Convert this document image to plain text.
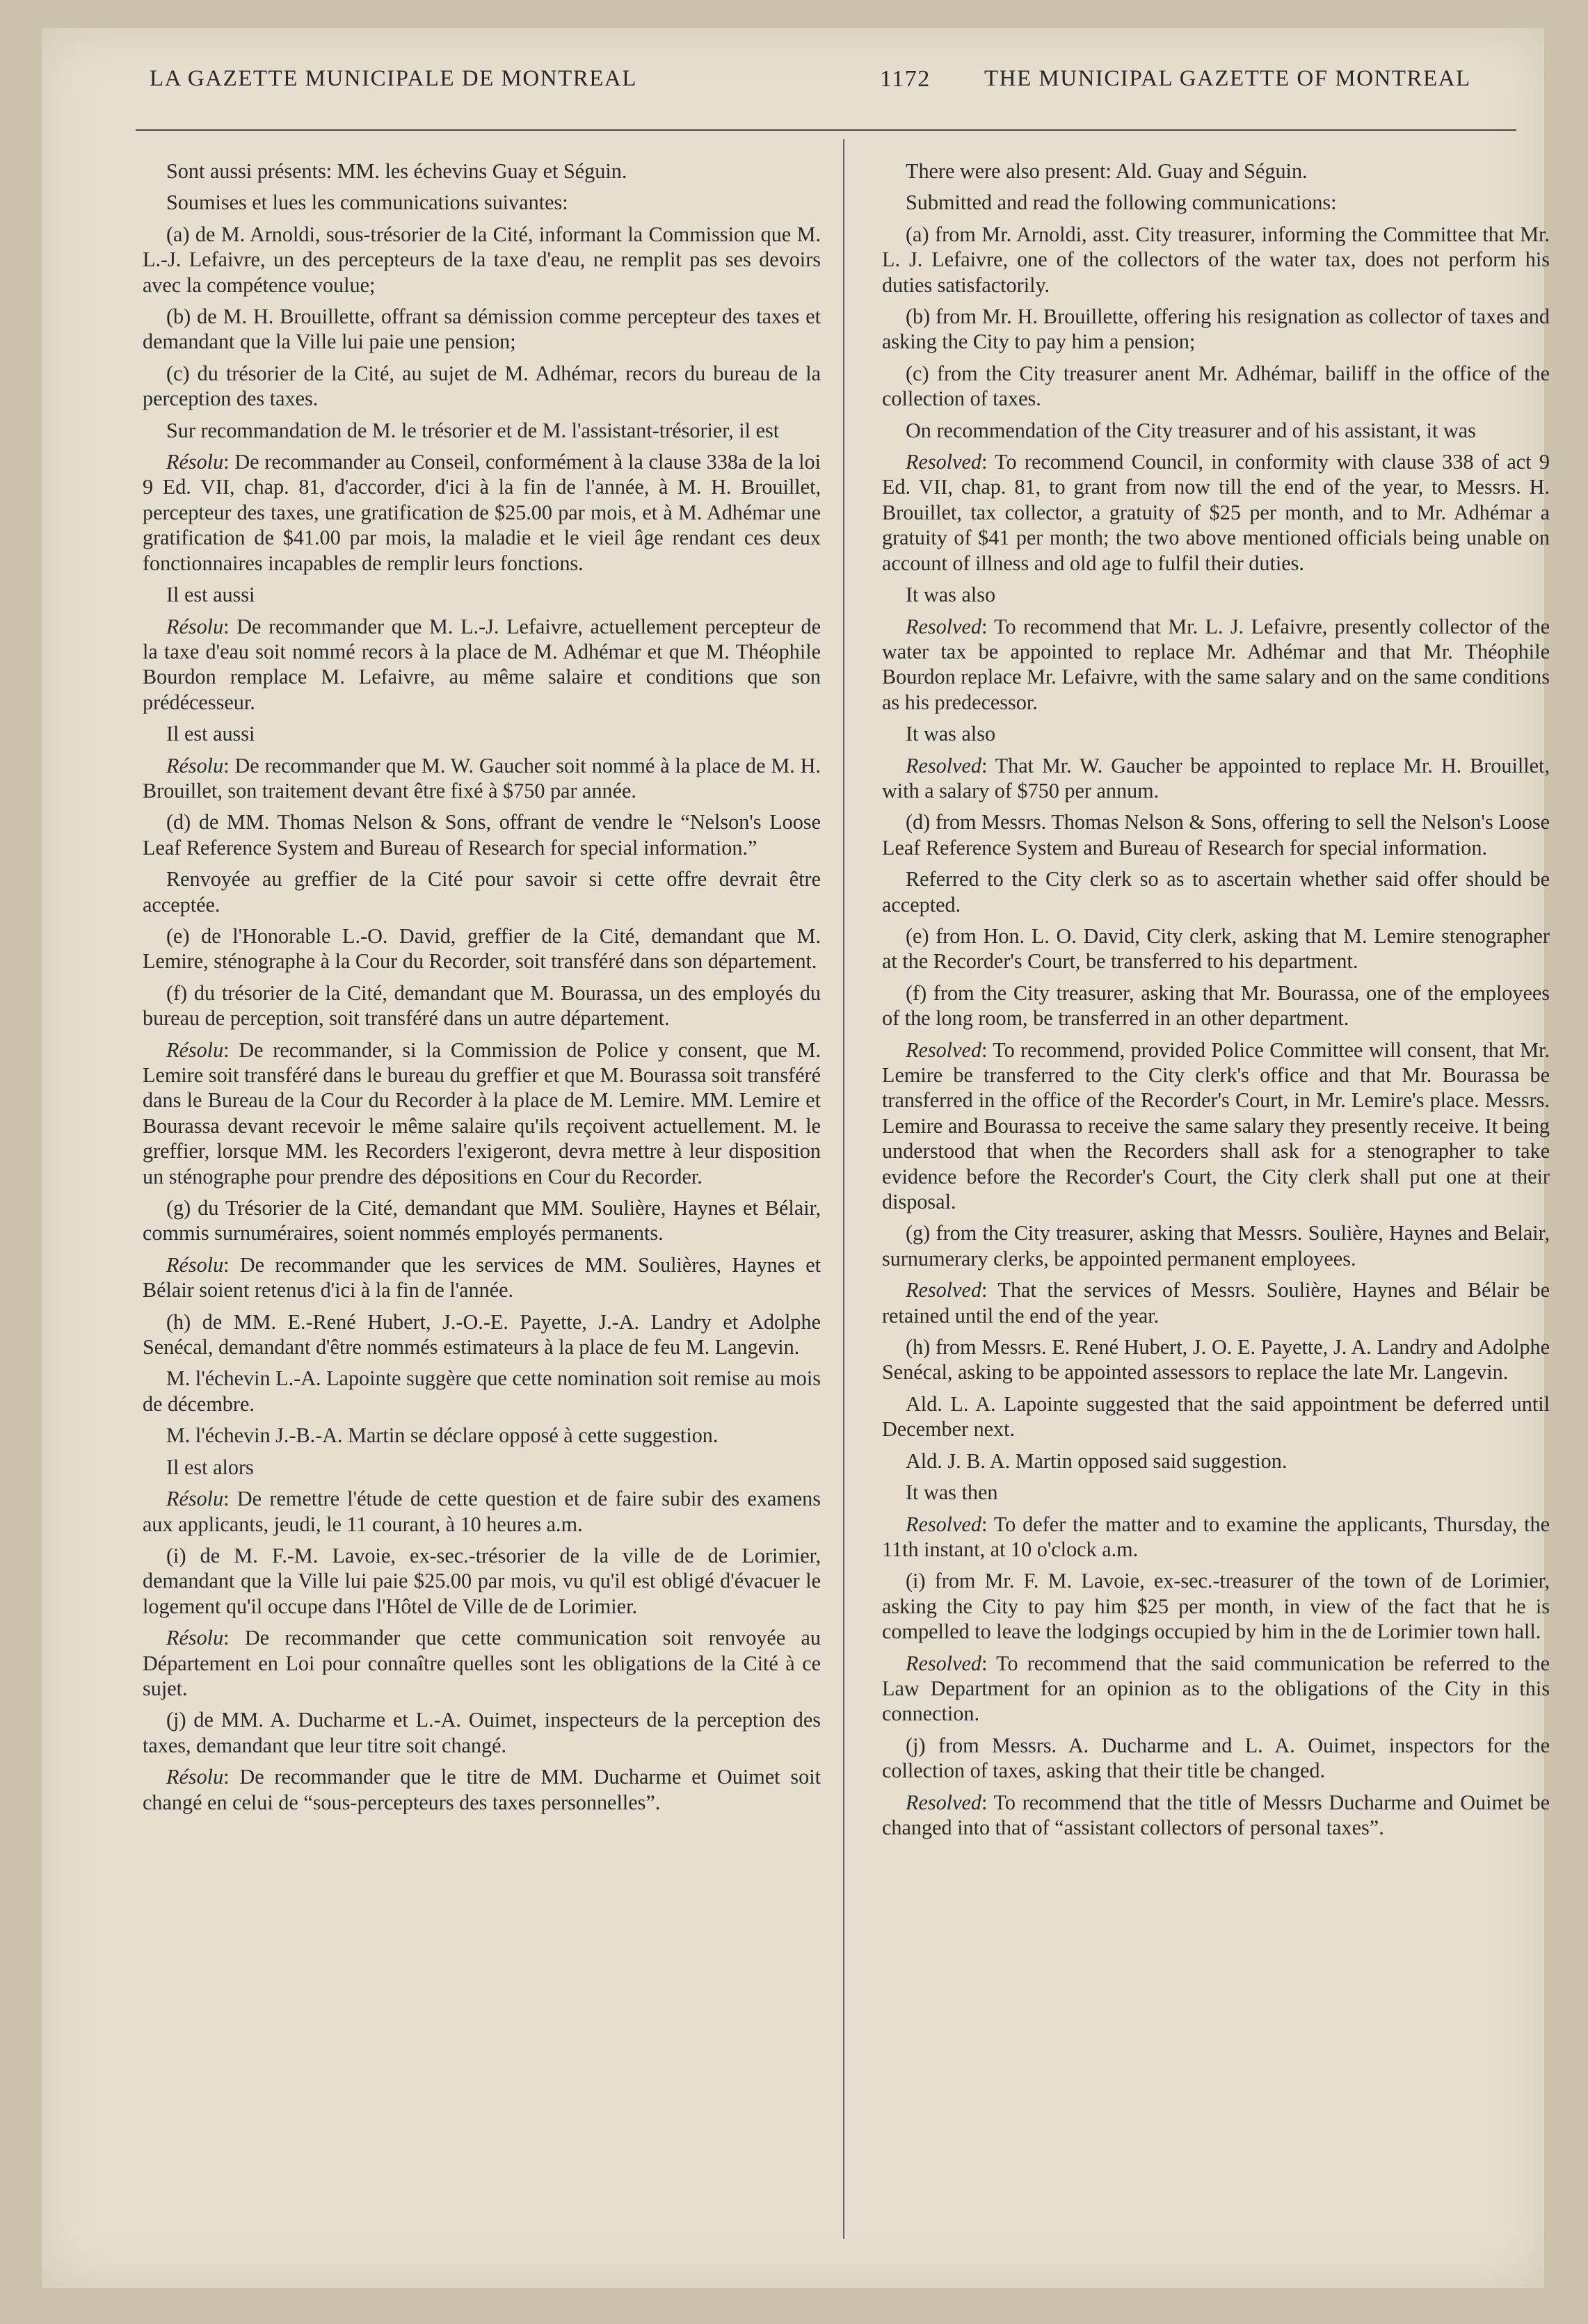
LA GAZETTE MUNICIPALE DE MONTREAL	1172 THE MUNICIPAL GAZETTE OF MONTREAL

Sont aussi présents: MM. les échevins Guay et Séguin.

Soumises et lues les communications suivantes:

(a) de M. Arnoldi, sous-trésorier de la Cité, informant la Commission que M. L.-J. Lefaivre, un des percepteurs de la taxe d'eau, ne remplit pas ses devoirs avec la compétence voulue;

(b) de M. H. Brouillette, offrant sa démission comme percepteur des taxes et demandant que la Ville lui paie une pension;

(c) du trésorier de la Cité, au sujet de M. Adhémar, recors du bureau de la perception des taxes.

Sur recommandation de M. le trésorier et de M. l'assistant-trésorier, il est

Résolu: De recommander au Conseil, conformément à la clause 338a de la loi 9 Ed. VII, chap. 81, d'accorder, d'ici à la fin de l'année, à M. H. Brouillet, percepteur des taxes, une gratification de $25.00 par mois, et à M. Adhémar une gratification de $41.00 par mois, la maladie et le vieil âge rendant ces deux fonctionnaires incapables de remplir leurs fonctions.

Il est aussi

Résolu: De recommander que M. L.-J. Lefaivre, actuellement percepteur de la taxe d'eau soit nommé recors à la place de M. Adhémar et que M. Théophile Bourdon remplace M. Lefaivre, au même salaire et conditions que son prédécesseur.

Il est aussi

Résolu: De recommander que M. W. Gaucher soit nommé à la place de M. H. Brouillet, son traitement devant être fixé à $750 par année.

(d) de MM. Thomas Nelson & Sons, offrant de vendre le “Nelson's Loose Leaf Reference System and Bureau of Research for special information.”

Renvoyée au greffier de la Cité pour savoir si cette offre devrait être acceptée.

(e) de l'Honorable L.-O. David, greffier de la Cité, demandant que M. Lemire, sténographe à la Cour du Recorder, soit transféré dans son département.

(f) du trésorier de la Cité, demandant que M. Bourassa, un des employés du bureau de perception, soit transféré dans un autre département.

Résolu: De recommander, si la Commission de Police y consent, que M. Lemire soit transféré dans le bureau du greffier et que M. Bourassa soit transféré dans le Bureau de la Cour du Recorder à la place de M. Lemire. MM. Lemire et Bourassa devant recevoir le même salaire qu'ils reçoivent actuellement. M. le greffier, lorsque MM. les Recorders l'exigeront, devra mettre à leur disposition un sténographe pour prendre des dépositions en Cour du Recorder.

(g) du Trésorier de la Cité, demandant que MM. Soulière, Haynes et Bélair, commis surnuméraires, soient nommés employés permanents.

Résolu: De recommander que les services de MM. Soulières, Haynes et Bélair soient retenus d'ici à la fin de l'année.

(h) de MM. E.-René Hubert, J.-O.-E. Payette, J.-A. Landry et Adolphe Senécal, demandant d'être nommés estimateurs à la place de feu M. Langevin.

M. l'échevin L.-A. Lapointe suggère que cette nomination soit remise au mois de décembre.

M. l'échevin J.-B.-A. Martin se déclare opposé à cette suggestion.

Il est alors

Résolu: De remettre l'étude de cette question et de faire subir des examens aux applicants, jeudi, le 11 courant, à 10 heures a.m.

(i) de M. F.-M. Lavoie, ex-sec.-trésorier de la ville de de Lorimier, demandant que la Ville lui paie $25.00 par mois, vu qu'il est obligé d'évacuer le logement qu'il occupe dans l'Hôtel de Ville de de Lorimier.

Résolu: De recommander que cette communication soit renvoyée au Département en Loi pour connaître quelles sont les obligations de la Cité à ce sujet.

(j) de MM. A. Ducharme et L.-A. Ouimet, inspecteurs de la perception des taxes, demandant que leur titre soit changé.

Résolu: De recommander que le titre de MM. Ducharme et Ouimet soit changé en celui de “sous-percepteurs des taxes personnelles”.

There were also present: Ald. Guay and Séguin.

Submitted and read the following communications:

(a) from Mr. Arnoldi, asst. City treasurer, informing the Committee that Mr. L. J. Lefaivre, one of the collectors of the water tax, does not perform his duties satisfactorily.

(b) from Mr. H. Brouillette, offering his resignation as collector of taxes and asking the City to pay him a pension;

(c) from the City treasurer anent Mr. Adhémar, bailiff in the office of the collection of taxes.

On recommendation of the City treasurer and of his assistant, it was

Resolved: To recommend Council, in conformity with clause 338 of act 9 Ed. VII, chap. 81, to grant from now till the end of the year, to Messrs. H. Brouillet, tax collector, a gratuity of $25 per month, and to Mr. Adhémar a gratuity of $41 per month; the two above mentioned officials being unable on account of illness and old age to fulfil their duties.

It was also

Resolved: To recommend that Mr. L. J. Lefaivre, presently collector of the water tax be appointed to replace Mr. Adhémar and that Mr. Théophile Bourdon replace Mr. Lefaivre, with the same salary and on the same conditions as his predecessor.

It was also

Resolved: That Mr. W. Gaucher be appointed to replace Mr. H. Brouillet, with a salary of $750 per annum.

(d) from Messrs. Thomas Nelson & Sons, offering to sell the Nelson's Loose Leaf Reference System and Bureau of Research for special information.

Referred to the City clerk so as to ascertain whether said offer should be accepted.

(e) from Hon. L. O. David, City clerk, asking that M. Lemire stenographer at the Recorder's Court, be transferred to his department.

(f) from the City treasurer, asking that Mr. Bourassa, one of the employees of the long room, be transferred in an other department.

Resolved: To recommend, provided Police Committee will consent, that Mr. Lemire be transferred to the City clerk's office and that Mr. Bourassa be transferred in the office of the Recorder's Court, in Mr. Lemire's place. Messrs. Lemire and Bourassa to receive the same salary they presently receive. It being understood that when the Recorders shall ask for a stenographer to take evidence before the Recorder's Court, the City clerk shall put one at their disposal.

(g) from the City treasurer, asking that Messrs. Soulière, Haynes and Belair, surnumerary clerks, be appointed permanent employees.

Resolved: That the services of Messrs. Soulière, Haynes and Bélair be retained until the end of the year.

(h) from Messrs. E. René Hubert, J. O. E. Payette, J. A. Landry and Adolphe Senécal, asking to be appointed assessors to replace the late Mr. Langevin.

Ald. L. A. Lapointe suggested that the said appointment be deferred until December next.

Ald. J. B. A. Martin opposed said suggestion.

It was then

Resolved: To defer the matter and to examine the applicants, Thursday, the 11th instant, at 10 o'clock a.m.

(i) from Mr. F. M. Lavoie, ex-sec.-treasurer of the town of de Lorimier, asking the City to pay him $25 per month, in view of the fact that he is compelled to leave the lodgings occupied by him in the de Lorimier town hall.

Resolved: To recommend that the said communication be referred to the Law Department for an opinion as to the obligations of the City in this connection.

(j) from Messrs. A. Ducharme and L. A. Ouimet, inspectors for the collection of taxes, asking that their title be changed.

Resolved: To recommend that the title of Messrs Ducharme and Ouimet be changed into that of “assistant collectors of personal taxes”.
